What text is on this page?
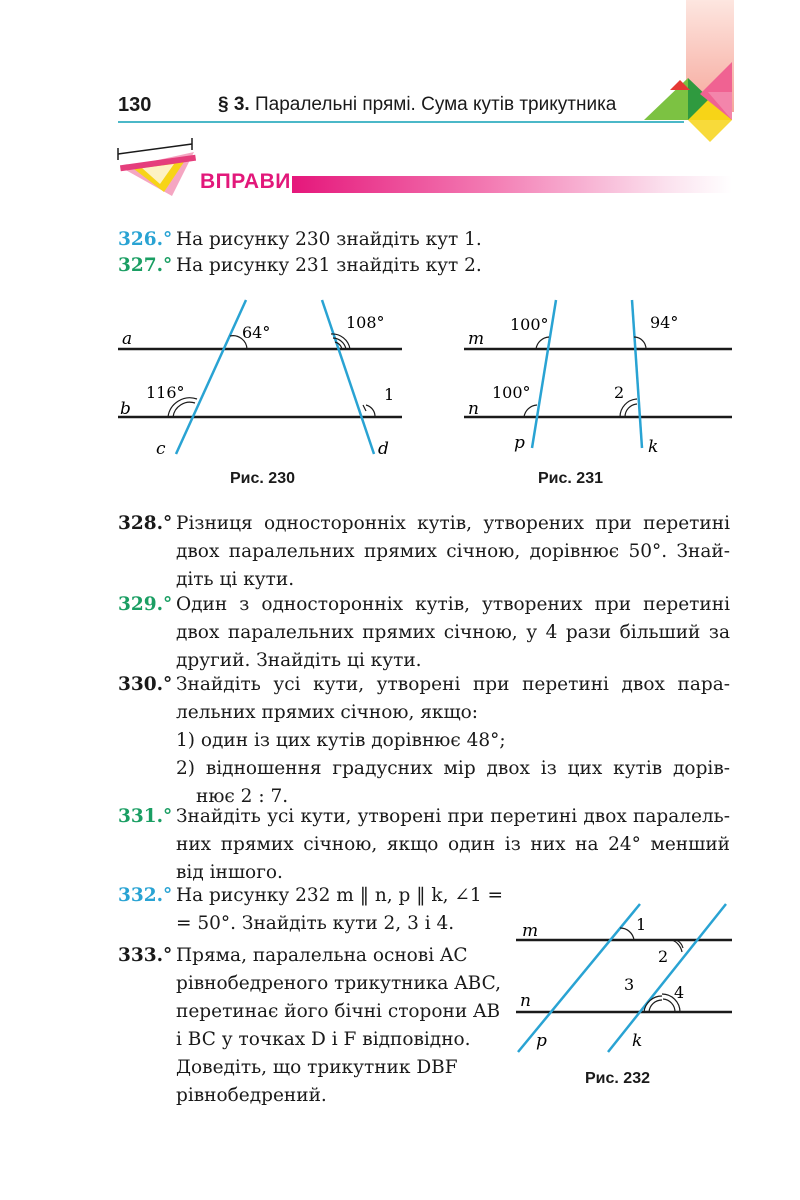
130	§ 3. Паралельні прямі. Сума кутів трикутника
ВПРАВИ
326.° На рисунку 230 знайдіть кут 1.
327.° На рисунку 231 знайдіть кут 2.
a
b
c	d
64°
108°
116°	1
Рис. 230
m
n
p	k
100°	94°
100°	2
Рис. 231
328.° Різниця односторонніх кутів, утворених при перетині
двох паралельних прямих січною, дорівнює 50°. Знай-
діть ці кути.
329.° Один з односторонніх кутів, утворених при перетині
двох паралельних прямих січною, у 4 рази більший за
другий. Знайдіть ці кути.
330.° Знайдіть усі кути, утворені при перетині двох пара-
лельних прямих січною, якщо:
1) один із цих кутів дорівнює 48°;
2) відношення градусних мір двох із цих кутів дорів-
нює 2 : 7.
331.° Знайдіть усі кути, утворені при перетині двох паралель-
них прямих січною, якщо один із них на 24° менший
від іншого.
332.° На рисунку 232 m ‖ n, p ‖ k, ∠1 =
= 50°. Знайдіть кути 2, 3 і 4.
333.° Пряма, паралельна основі AC
рівнобедреного трикутника ABC,
перетинає його бічні сторони AB
і BC у точках D і F відповідно.
Доведіть, що трикутник DBF
рівнобедрений.
m
n
p	k
1
2
3 4
Рис. 232
